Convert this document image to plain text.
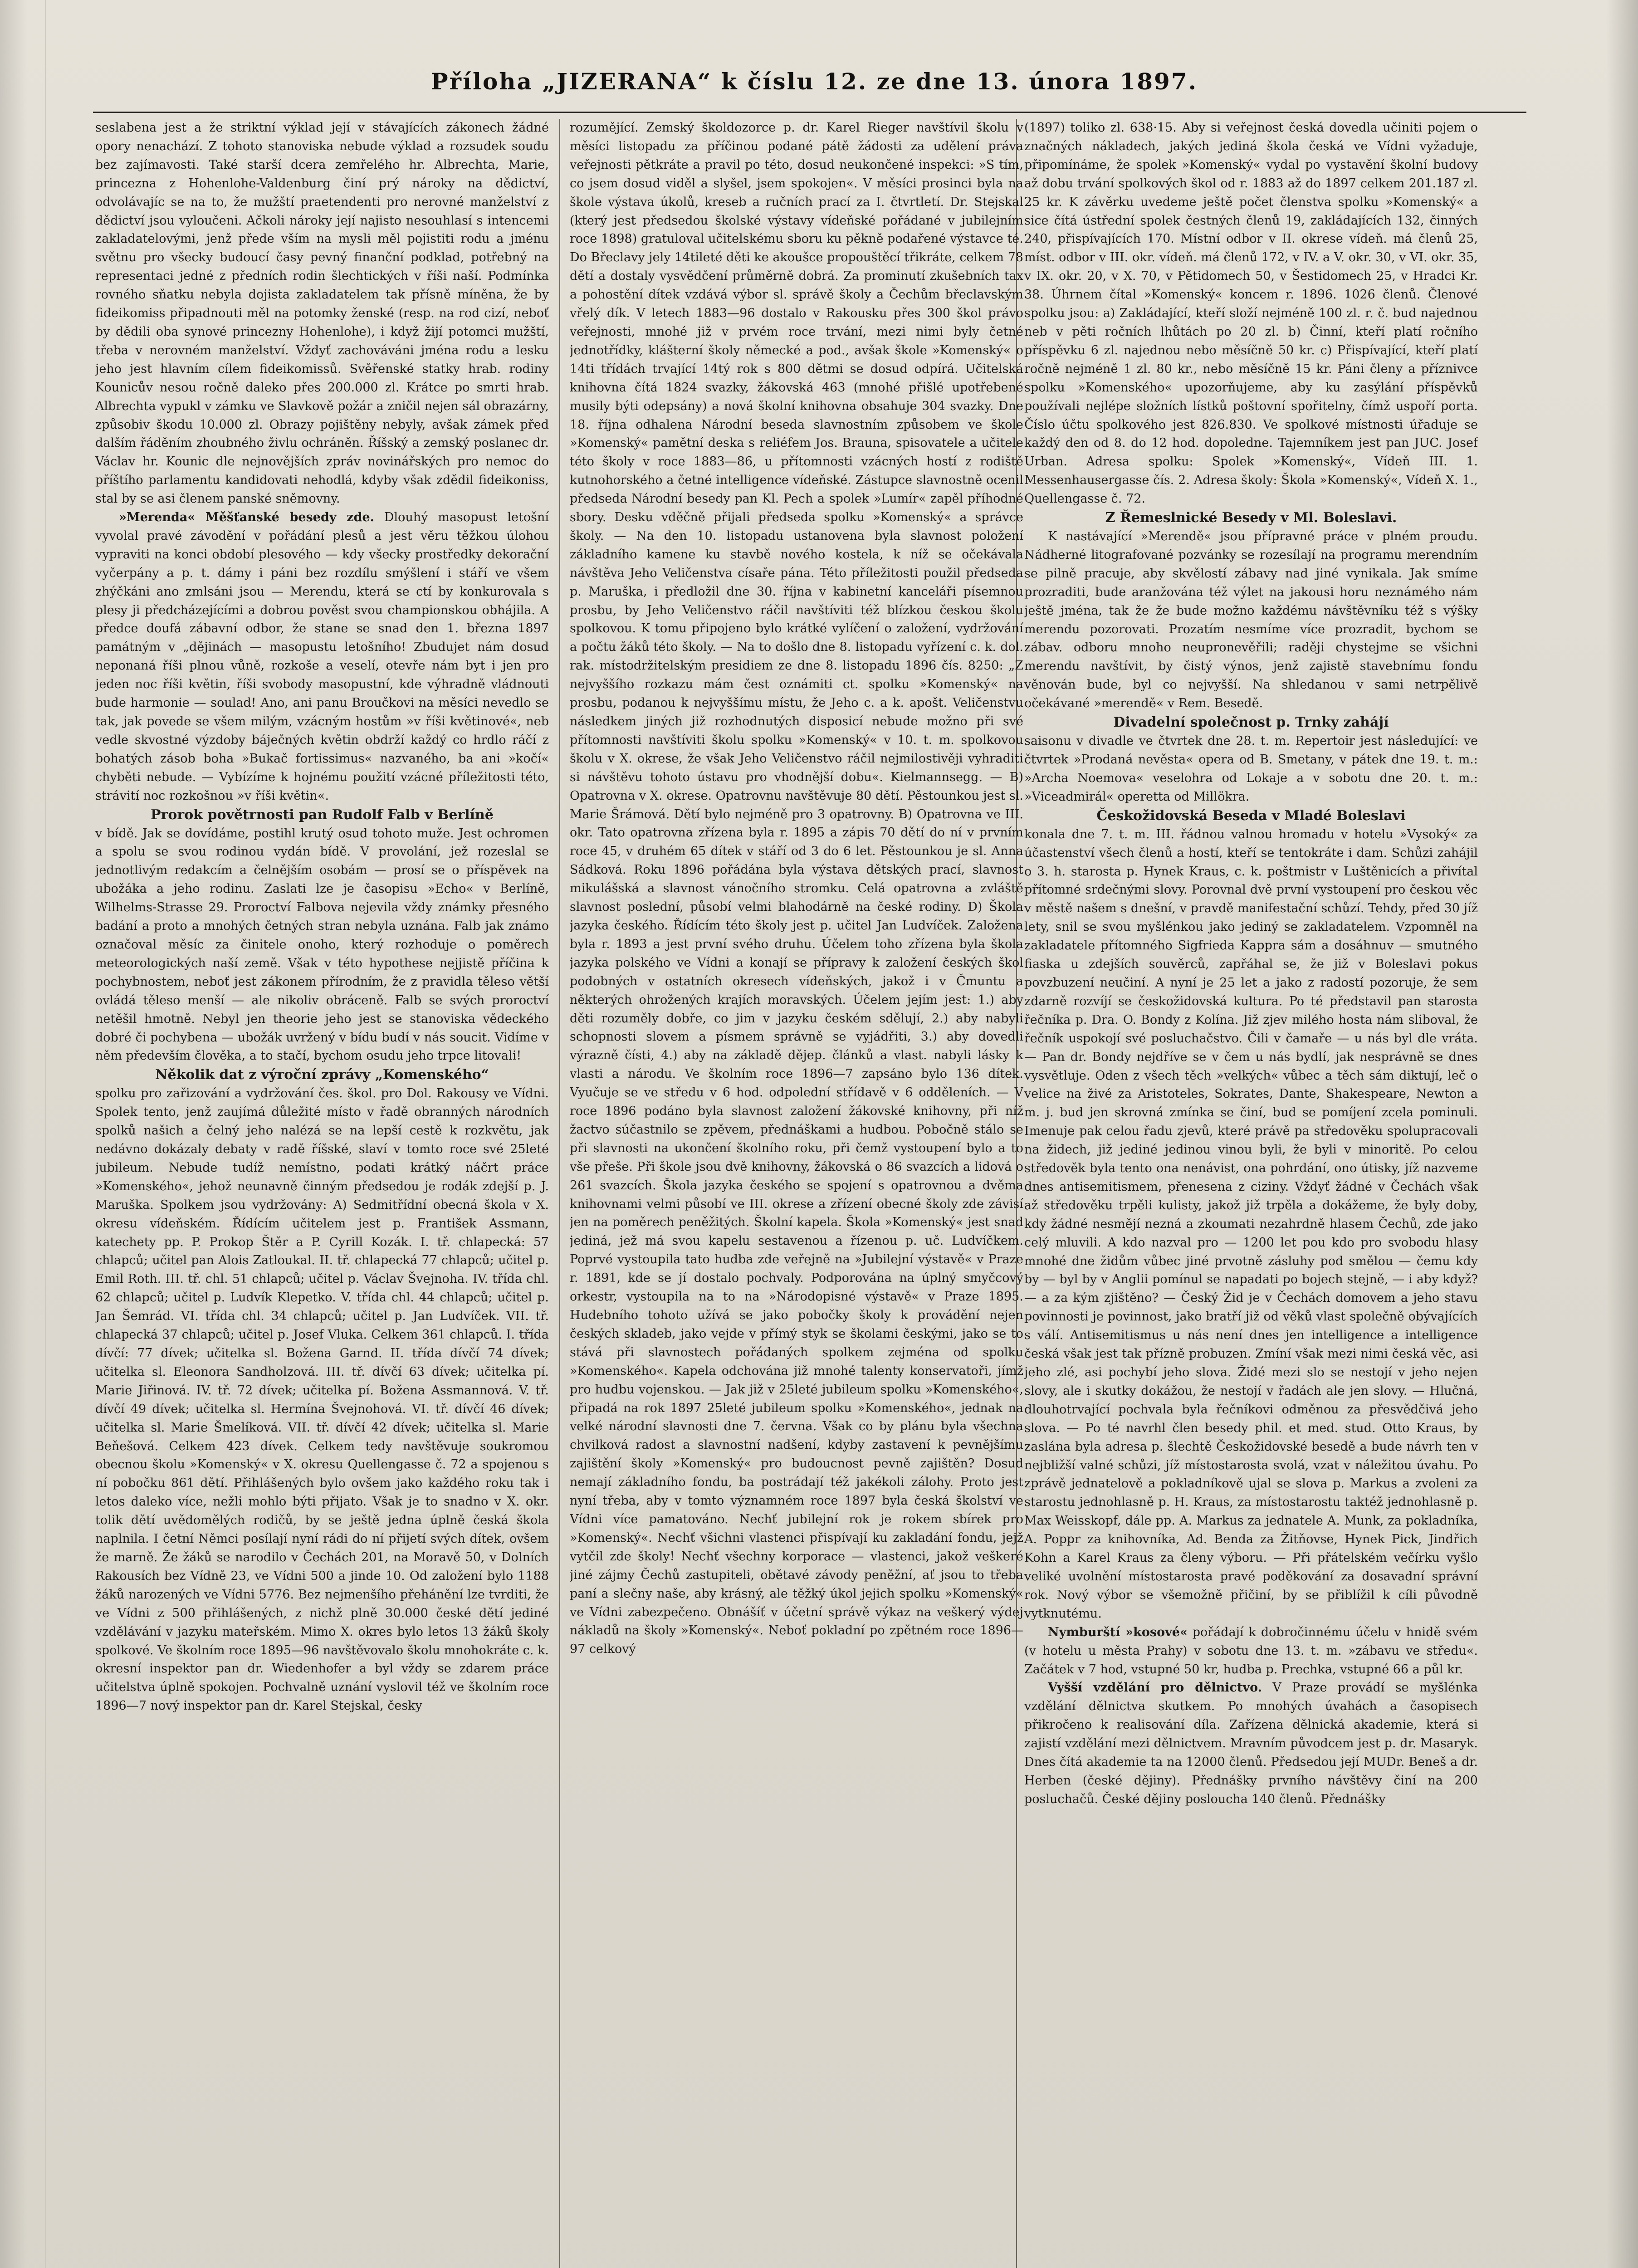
Příloha „JIZERANA“ k číslu 12. ze dne 13. února 1897.

seslabena jest a že striktní výklad její v stávajících zákonech žádné opory nenachází. Z tohoto stanoviska nebude výklad a rozsudek soudu bez zajímavosti. Také starší dcera zemřelého hr. Albrechta, Marie, princezna z Hohenlohe-Valdenburg činí prý nároky na dědictví, odvolávajíc se na to, že mužští praetendenti pro nerovné manželství z dědictví jsou vyloučeni. Ačkoli nároky její najisto nesouhlasí s intencemi zakladatelovými, jenž přede vším na mysli měl pojistiti rodu a jménu světnu pro všecky budoucí časy pevný finanční podklad, potřebný na representaci jedné z předních rodin šlechtických v říši naší. Podmínka rovného sňatku nebyla dojista zakladatelem tak přísně míněna, že by fideikomiss připadnouti měl na potomky ženské (resp. na rod cizí, neboť by dědili oba synové princezny Hohenlohe), i když žijí potomci mužští, třeba v nerovném manželství. Vždyť zachováváni jména rodu a lesku jeho jest hlavním cílem fideikomissů. Svěřenské statky hrab. rodiny Kounicův nesou ročně daleko přes 200.000 zl. Krátce po smrti hrab. Albrechta vypukl v zámku ve Slavkově požár a zničil nejen sál obrazárny, způsobiv škodu 10.000 zl. Obrazy pojištěny nebyly, avšak zámek před dalším řáděním zhoubného živlu ochráněn. Říšský a zemský poslanec dr. Václav hr. Kounic dle nejnovějších zpráv novinářských pro nemoc do příštího parlamentu kandidovati nehodlá, kdyby však zdědil fideikoniss, stal by se asi členem panské sněmovny.

»Merenda« Měšťanské besedy zde. Dlouhý masopust letošní vyvolal pravé závodění v pořádání plesů a jest věru těžkou úlohou vypraviti na konci období plesového — kdy všecky prostředky dekorační vyčerpány a p. t. dámy i páni bez rozdílu smýšlení i stáří ve všem zhýčkáni ano zmlsáni jsou — Merendu, která se ctí by konkurovala s plesy ji předcházejícími a dobrou pověst svou championskou obhájila. A předce doufá zábavní odbor, že stane se snad den 1. března 1897 památným v „dějinách — masopustu letošního! Zbudujet nám dosud neponaná říši plnou vůně, rozkoše a veselí, otevře nám byt i jen pro jeden noc říši květin, říši svobody masopustní, kde výhradně vládnouti bude harmonie — soulad! Ano, ani panu Broučkovi na měsíci nevedlo se tak, jak povede se všem milým, vzácným hostům »v říši květinové«, neb vedle skvostné výzdoby báječných květin obdrží každý co hrdlo ráčí z bohatých zásob boha »Bukač fortissimus« nazvaného, ba ani »kočí« chyběti nebude. — Vybízíme k hojnému použití vzácné příležitosti této, strávití noc rozkošnou »v říši květin«.

Prorok povětrnosti pan Rudolf Falb v Berlíně

v bídě. Jak se dovídáme, postihl krutý osud tohoto muže. Jest ochromen a spolu se svou rodinou vydán bídě. V provolání, jež rozeslal se jednotlivým redakcím a čelnějším osobám — prosí se o příspěvek na ubožáka a jeho rodinu. Zaslati lze je časopisu »Echo« v Berlíně, Wilhelms-Strasse 29. Proroctví Falbova nejevila vždy známky přesného badání a proto a mnohých četných stran nebyla uznána. Falb jak známo označoval měsíc za činitele onoho, který rozhoduje o poměrech meteorologických naší země. Však v této hypothese nejjistě příčina k pochybnostem, neboť jest zákonem přírodním, že z pravidla těleso větší ovládá těleso menší — ale nikoliv obráceně. Falb se svých proroctví netěšil hmotně. Nebyl jen theorie jeho jest se stanoviska vědeckého dobré či pochybena — ubožák uvržený v bídu budí v nás soucit. Vidíme v něm především člověka, a to stačí, bychom osudu jeho trpce litovali!

Několik dat z výroční zprávy „Komenského“

spolku pro zařizování a vydržování čes. škol. pro Dol. Rakousy ve Vídni. Spolek tento, jenž zaujímá důležité místo v řadě obranných národních spolků našich a čelný jeho nalézá se na lepší cestě k rozkvětu, jak nedávno dokázaly debaty v radě říšské, slaví v tomto roce své 25leté jubileum. Nebude tudíž nemístno, podati krátký náčrt práce »Komenského«, jehož neunavně činným předsedou je rodák zdejší p. J. Maruška. Spolkem jsou vydržovány: A) Sedmitřídní obecná škola v X. okresu vídeňském. Řídícím učitelem jest p. František Assmann, katechety pp. P. Prokop Štěr a P. Cyrill Kozák. I. tř. chlapecká: 57 chlapců; učitel pan Alois Zatloukal. II. tř. chlapecká 77 chlapců; učitel p. Emil Roth. III. tř. chl. 51 chlapců; učitel p. Václav Švejnoha. IV. třída chl. 62 chlapců; učitel p. Ludvík Klepetko. V. třída chl. 44 chlapců; učitel p. Jan Šemrád. VI. třída chl. 34 chlapců; učitel p. Jan Ludvíček. VII. tř. chlapecká 37 chlapců; učitel p. Josef Vluka. Celkem 361 chlapců. I. třída dívčí: 77 dívek; učitelka sl. Božena Garnd. II. třída dívčí 74 dívek; učitelka sl. Eleonora Sandholzová. III. tř. dívčí 63 dívek; učitelka pí. Marie Jiřinová. IV. tř. 72 dívek; učitelka pí. Božena Assmannová. V. tř. dívčí 49 dívek; učitelka sl. Hermína Švejnohová. VI. tř. dívčí 46 dívek; učitelka sl. Marie Šmelíková. VII. tř. dívčí 42 dívek; učitelka sl. Marie Beňešová. Celkem 423 dívek. Celkem tedy navštěvuje soukromou obecnou školu »Komenský« v X. okresu Quellengasse č. 72 a spojenou s ní pobočku 861 dětí. Přihlášených bylo ovšem jako každého roku tak i letos daleko více, nežli mohlo býti přijato. Však je to snadno v X. okr. tolik dětí uvědomělých rodičů, by se ještě jedna úplně česká škola naplnila. I četní Němci posílají nyní rádi do ní přijetí svých dítek, ovšem že marně. Že žáků se narodilo v Čechách 201, na Moravě 50, v Dolních Rakousích bez Vídně 23, ve Vídni 500 a jinde 10. Od založení bylo 1188 žáků narozených ve Vídni 5776. Bez nejmenšího přehánění lze tvrditi, že ve Vídni z 500 přihlášených, z nichž plně 30.000 české dětí jediné vzdělávání v jazyku mateřském. Mimo X. okres bylo letos 13 žáků školy spolkové. Ve školním roce 1895—96 navštěvovalo školu mnohokráte c. k. okresní inspektor pan dr. Wiedenhofer a byl vždy se zdarem práce učitelstva úplně spokojen. Pochvalně uznání vyslovil též ve školním roce 1896—7 nový inspektor pan dr. Karel Stejskal, česky

rozumějící. Zemský školdozorce p. dr. Karel Rieger navštívil školu v měsíci listopadu za příčinou podané pátě žádosti za udělení práva veřejnosti pětkráte a pravil po této, dosud neukončené inspekci: »S tím, co jsem dosud viděl a slyšel, jsem spokojen«. V měsíci prosinci byla na škole výstava úkolů, kreseb a ručních prací za I. čtvrtletí. Dr. Stejskal (který jest předsedou školské výstavy vídeňské pořádané v jubilejním roce 1898) gratuloval učitelskému sboru ku pěkně podařené výstavce té. Do Břeclavy jely 14tileté děti ke akoušce propouštěcí třikráte, celkem 78 dětí a dostaly vysvědčení průměrně dobrá. Za prominutí zkušebních tax a pohostění dítek vzdává výbor sl. správě školy a Čechům břeclavským vřelý dík. V letech 1883—96 dostalo v Rakousku přes 300 škol právo veřejnosti, mnohé již v prvém roce trvání, mezi nimi byly četné jednotřídky, klášterní školy německé a pod., avšak škole »Komenský« o 14ti třídách trvající 14tý rok s 800 dětmi se dosud odpírá. Učitelská knihovna čítá 1824 svazky, žákovská 463 (mnohé přišlé upotřebené musily býti odepsány) a nová školní knihovna obsahuje 304 svazky. Dne 18. října odhalena Národní beseda slavnostním způsobem ve škole »Komenský« pamětní deska s reliéfem Jos. Braunа, spisovatele a učitele této školy v roce 1883—86, u přítomnosti vzácných hostí z rodiště kutnohorského a četné intelligence vídeňské. Zástupce slavnostně ocenil předseda Národní besedy pan Kl. Pech a spolek »Lumír« zapěl příhodné sbory. Desku vděčně přijali předseda spolku »Komenský« a správce školy. — Na den 10. listopadu ustanovena byla slavnost položení základního kamene ku stavbě nového kostela, k níž se očekávala návštěva Jeho Veličenstva císaře pána. Této příležitosti použil předseda p. Maruška, i předložil dne 30. října v kabinetní kanceláři písemnou prosbu, by Jeho Veličenstvo ráčil navštíviti též blízkou českou školu spolkovou. K tomu připojeno bylo krátké vylíčení o založení, vydržování a počtu žáků této školy. — Na to došlo dne 8. listopadu vyřízení c. k. dol. rak. místodržitelským presidiem ze dne 8. listopadu 1896 čís. 8250: „Z nejvyššího rozkazu mám čest oznámiti ct. spolku »Komenský« na prosbu, podanou k nejvyššímu místu, že Jeho c. a k. apošt. Veličenstvu následkem jiných již rozhodnutých disposicí nebude možno při své přítomnosti navštíviti školu spolku »Komenský« v 10. t. m. spolkovou školu v X. okrese, že však Jeho Veličenstvo ráčil nejmilostivěji vyhraditi si návštěvu tohoto ústavu pro vhodnější dobu«. Kielmannsegg. — B) Opatrovna v X. okrese. Opatrovnu navštěvuje 80 dětí. Pěstounkou jest sl. Marie Šrámová. Dětí bylo nejméně pro 3 opatrovny. B) Opatrovna ve III. okr. Tato opatrovna zřízena byla r. 1895 a zápis 70 dětí do ní v prvním roce 45, v druhém 65 dítek v stáří od 3 do 6 let. Pěstounkou je sl. Anna Sádková. Roku 1896 pořádána byla výstava dětských prací, slavnost mikulášská a slavnost vánočního stromku. Celá opatrovna a zvláště slavnost poslední, působí velmi blahodárně na české rodiny. D) Škola jazyka českého. Řídícím této školy jest p. učitel Jan Ludvíček. Založena byla r. 1893 a jest první svého druhu. Účelem toho zřízena byla škola jazyka polského ve Vídni a konají se přípravy k založení českých škol podobných v ostatních okresech vídeňských, jakož i v Čmuntu a některých ohrožených krajích moravských. Účelem jejím jest: 1.) aby děti rozuměly dobře, co jim v jazyku českém sdělují, 2.) aby nabyli schopnosti slovem a písmem správně se vyjádřiti, 3.) aby dovedli výrazně čísti, 4.) aby na základě dějep. článků a vlast. nabyli lásky k vlasti a národu. Ve školním roce 1896—7 zapsáno bylo 136 dítek. Vyučuje se ve středu v 6 hod. odpolední střídavě v 6 odděleních. — V roce 1896 podáno byla slavnost založení žákovské knihovny, při níž žactvo súčastnilo se zpěvem, přednáškami a hudbou. Pobočně stálo se při slavnosti na ukončení školního roku, při čemž vystoupení bylo a to vše přeše. Při škole jsou dvě knihovny, žákovská o 86 svazcích a lidová o 261 svazcích. Škola jazyka českého se spojení s opatrovnou a dvěma knihovnami velmi působí ve III. okrese a zřízení obecné školy zde závisí jen na poměrech peněžitých. Školní kapela. Škola »Komenský« jest snad jediná, jež má svou kapelu sestavenou a řízenou p. uč. Ludvíčkem. Poprvé vystoupila tato hudba zde veřejně na »Jubilejní výstavě« v Praze r. 1891, kde se jí dostalo pochvaly. Podporována na úplný smyčcový orkestr, vystoupila na to na »Národopisné výstavě« v Praze 1895. Hudebního tohoto užívá se jako pobočky školy k provádění nejen českých skladeb, jako vejde v přímý styk se školami českými, jako se to stává při slavnostech pořádaných spolkem zejména od spolku »Komenského«. Kapela odchována již mnohé talenty konservatoři, jímž pro hudbu vojenskou. — Jak již v 25leté jubileum spolku »Komenského«, připadá na rok 1897 25leté jubileum spolku »Komenského«, jednak na velké národní slavnosti dne 7. června. Však co by plánu byla všechna chvilková radost a slavnostní nadšení, kdyby zastavení k pevnějšímu zajištění školy »Komenský« pro budoucnost pevně zajištěn? Dosud nemají základního fondu, ba postrádají též jakékoli zálohy. Proto jest nyní třeba, aby v tomto významném roce 1897 byla česká školství ve Vídni více pamatováno. Nechť jubilejní rok je rokem sbírek pro »Komenský«. Nechť všichni vlastenci přispívají ku zakladání fondu, jejž vytčil zde školy! Nechť všechny korporace — vlastenci, jakož veškeré jiné zájmy Čechů zastupiteli, obětavé závody peněžní, ať jsou to třeba paní a slečny naše, aby krásný, ale těžký úkol jejich spolku »Komenský« ve Vídni zabezpečeno. Obnášíť v účetní správě výkaz na veškerý výdej nákladů na školy »Komenský«. Neboť pokladní po zpětném roce 1896—97 celkový

(1897) toliko zl. 638·15. Aby si veřejnost česká dovedla učiniti pojem o značných nákladech, jakých jediná škola česká ve Vídni vyžaduje, připomínáme, že spolek »Komenský« vydal po vystavění školní budovy až dobu trvání spolkových škol od r. 1883 až do 1897 celkem 201.187 zl. 25 kr. K závěrku uvedeme ještě počet členstva spolku »Komenský« a sice čítá ústřední spolek čestných členů 19, zakládajících 132, činných 240, přispívajících 170. Místní odbor v II. okrese vídeň. má členů 25, míst. odbor v III. okr. vídeň. má členů 172, v IV. a V. okr. 30, v VI. okr. 35, v IX. okr. 20, v X. 70, v Pětidomech 50, v Šestidomech 25, v Hradci Kr. 38. Úhrnem čítal »Komenský« koncem r. 1896. 1026 členů. Členové spolku jsou: a) Zakládající, kteří složí nejméně 100 zl. r. č. bud najednou neb v pěti ročních lhůtách po 20 zl. b) Činní, kteří platí ročního příspěvku 6 zl. najednou nebo měsíčně 50 kr. c) Přispívající, kteří platí ročně nejméně 1 zl. 80 kr., nebo měsíčně 15 kr. Páni členy a příznivce spolku »Komenského« upozorňujeme, aby ku zasýlání příspěvků používali nejlépe složních lístků poštovní spořitelny, čímž uspoří porta. Číslo účtu spolkového jest 826.830. Ve spolkové místnosti úřaduje se každý den od 8. do 12 hod. dopoledne. Tajemníkem jest pan JUC. Josef Urban. Adresa spolku: Spolek »Komenský«, Vídeň III. 1. Messenhausergasse čís. 2. Adresa školy: Škola »Komenský«, Vídeň X. 1., Quellengasse č. 72.

Z Řemeslnické Besedy v Ml. Boleslavi.

K nastávající »Merendě« jsou přípravné práce v plném proudu. Nádherné litografované pozvánky se rozesílají na programu merendním se pilně pracuje, aby skvělostí zábavy nad jiné vynikala. Jak smíme prozraditi, bude aranžována též výlet na jakousi horu neznámého nám ještě jména, tak že že bude možno každému návštěvníku též s výšky merendu pozorovati. Prozatím nesmíme více prozradit, bychom se zábav. odboru mnoho neupronevěřili; raději chystejme se všichni merendu navštívit, by čistý výnos, jenž zajistě stavebnímu fondu věnován bude, byl co nejvyšší. Na shledanou v sami netrpělivě očekávané »merendě« v Rem. Besedě.

Divadelní společnost p. Trnky zahájí

saisonu v divadle ve čtvrtek dne 28. t. m. Repertoir jest následující: ve čtvrtek »Prodaná nevěsta« opera od B. Smetany, v pátek dne 19. t. m.: »Archa Noemova« veselohra od Lokaje a v sobotu dne 20. t. m.: »Viceadmirál« operetta od Millökra.

Českožidovská Beseda v Mladé Boleslavi

konala dne 7. t. m. III. řádnou valnou hromadu v hotelu »Vysoký« za účastenství všech členů a hostí, kteří se tentokráte i dam. Schůzi zahájil o 3. h. starosta p. Hynek Kraus, c. k. poštmistr v Luštěnicích a přivítal přítomné srdečnými slovy. Porovnal dvě první vystoupení pro českou věc v městě našem s dnešní, v pravdě manifestační schůzí. Tehdy, před 30 jíž lety, snil se svou myšlénkou jako jediný se zakladatelem. Vzpomněl na zakladatele přítomného Sigfrieda Kappra sám a dosáhnuv — smutného fiaska u zdejších souvěrců, zapřáhal se, že již v Boleslavi pokus povzbuzení neučiní. A nyní je 25 let a jako z radostí pozoruje, že sem zdarně rozvíjí se českožidovská kultura. Po té představil pan starosta řečníka p. Dra. O. Bondy z Kolína. Již zjev milého hosta nám sliboval, že řečník uspokojí své posluchačstvo. Čili v čamaře — u nás byl dle vráta. — Pan dr. Bondy nejdříve se v čem u nás bydlí, jak nesprávně se dnes vysvětluje. Oden z všech těch »velkých« vůbec a těch sám diktují, leč o velice na živé za Aristoteles, Sokrates, Dante, Shakespeare, Newton a m. j. bud jen skrovná zmínka se činí, bud se pomíjení zcela pominuli. Imenuje pak celou řadu zjevů, které právě pa středověku spolupracovali na židech, již jediné jedinou vinou byli, že byli v minoritě. Po celou středověk byla tento ona nenávist, ona pohrdání, ono útisky, jíž nazveme dnes antisemitismem, přenesena z ciziny. Vždyť žádné v Čechách však až středověku trpěli kulisty, jakož již trpěla a dokážeme, že byly doby, kdy žádné nesmějí nezná a zkoumati nezahrdně hlasem Čechů, zde jako celý mluvili. A kdo nazval pro — 1200 let pou kdo pro svobodu hlasy mnohé dne židům vůbec jiné prvotně zásluhy pod smělou — čemu kdy by — byl by v Anglii pomínul se napadati po bojech stejně, — i aby když? — a za kým zjištěno? — Český Žid je v Čechách domovem a jeho stavu povinnosti je povinnost, jako bratří již od věků vlast společně obývajících s válí. Antisemitismus u nás není dnes jen intelligence a intelligence česká však jest tak přízně probuzen. Zmíní však mezi nimi česká věc, asi jeho zlé, asi pochybí jeho slova. Židé mezi slo se nestojí v jeho nejen slovy, ale i skutky dokážou, že nestojí v řadách ale jen slovy. — Hlučná, dlouhotrvající pochvala byla řečníkovi odměnou za přesvědčivá jeho slova. — Po té navrhl člen besedy phil. et med. stud. Otto Kraus, by zaslána byla adresa p. šlechtě Českožidovské besedě a bude návrh ten v nejbližší valné schůzi, jíž místostarosta svolá, vzat v náležitou úvahu. Po zprávě jednatelově a pokladníkově ujal se slova p. Markus a zvoleni za starostu jednohlasně p. H. Kraus, za místostarostu taktéž jednohlasně p. Max Weisskopf, dále pp. A. Markus za jednatele A. Munk, za pokladníka, A. Poppr za knihovníka, Ad. Benda za Žitňovse, Hynek Pick, Jindřich Kohn a Karel Kraus za členy výboru. — Při přátelském večírku vyšlo veliké uvolnění místostarosta pravé poděkování za dosavadní správní rok. Nový výbor se všemožně přičiní, by se přiblížil k cíli původně vytknutému.

Nymburští »kosové« pořádají k dobročinnému účelu v hnidě svém (v hotelu u města Prahy) v sobotu dne 13. t. m. »zábavu ve středu«. Začátek v 7 hod, vstupné 50 kr, hudba p. Prechka, vstupné 66 a půl kr.

Vyšší vzdělání pro dělnictvo. V Praze provádí se myšlénka vzdělání dělnictva skutkem. Po mnohých úvahách a časopisech přikročeno k realisování díla. Zařízena dělnická akademie, která si zajistí vzdělání mezi dělnictvem. Mravním původcem jest p. dr. Masaryk. Dnes čítá akademie ta na 12000 členů. Předsedou její MUDr. Beneš a dr. Herben (české dějiny). Přednášky prvního návštěvy činí na 200 posluchačů. České dějiny posloucha 140 členů. Přednášky
